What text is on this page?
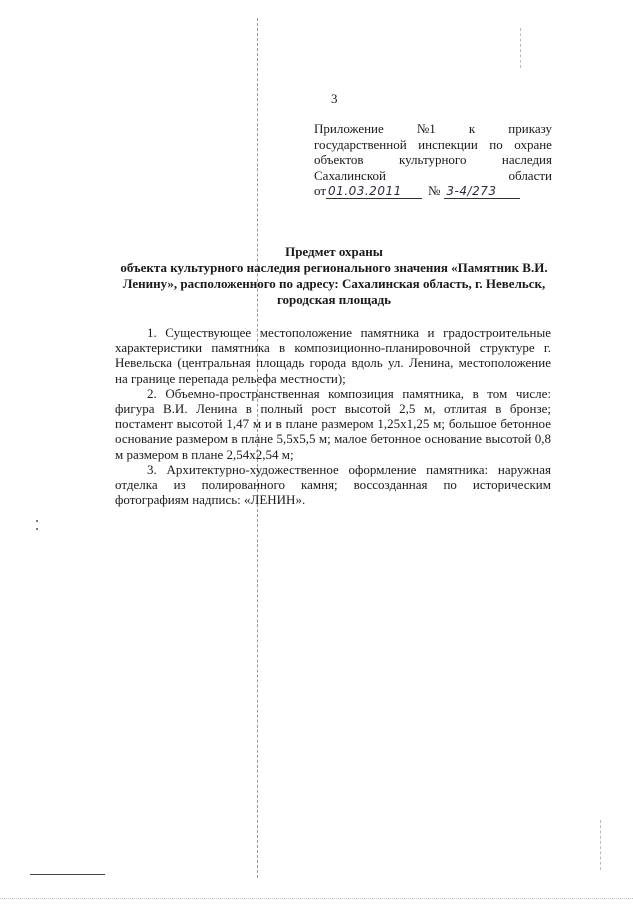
3
Приложение	№1	к	приказу
государственной инспекции по охране
объектов	культурного	наследия
Сахалинской	области
от 01.03.2011	№ 3-4/273
Предмет охраны
объекта культурного наследия регионального значения «Памятник В.И. Ленину», расположенного по адресу: Сахалинская область, г. Невельск, городская площадь

1. Существующее местоположение памятника и градостроительные характеристики памятника в композиционно-планировочной структуре г. Невельска (центральная площадь города вдоль ул. Ленина, местоположение на границе перепада рельефа местности);

2. Объемно-пространственная композиция памятника, в том числе: фигура В.И. Ленина в полный рост высотой 2,5 м, отлитая в бронзе; постамент высотой 1,47 м и в плане размером 1,25х1,25 м; большое бетонное основание размером в плане 5,5х5,5 м; малое бетонное основание высотой 0,8 м размером в плане 2,54х2,54 м;

3. Архитектурно-художественное оформление памятника: наружная отделка из полированного камня; воссозданная по историческим фотографиям надпись: «ЛЕНИН».
